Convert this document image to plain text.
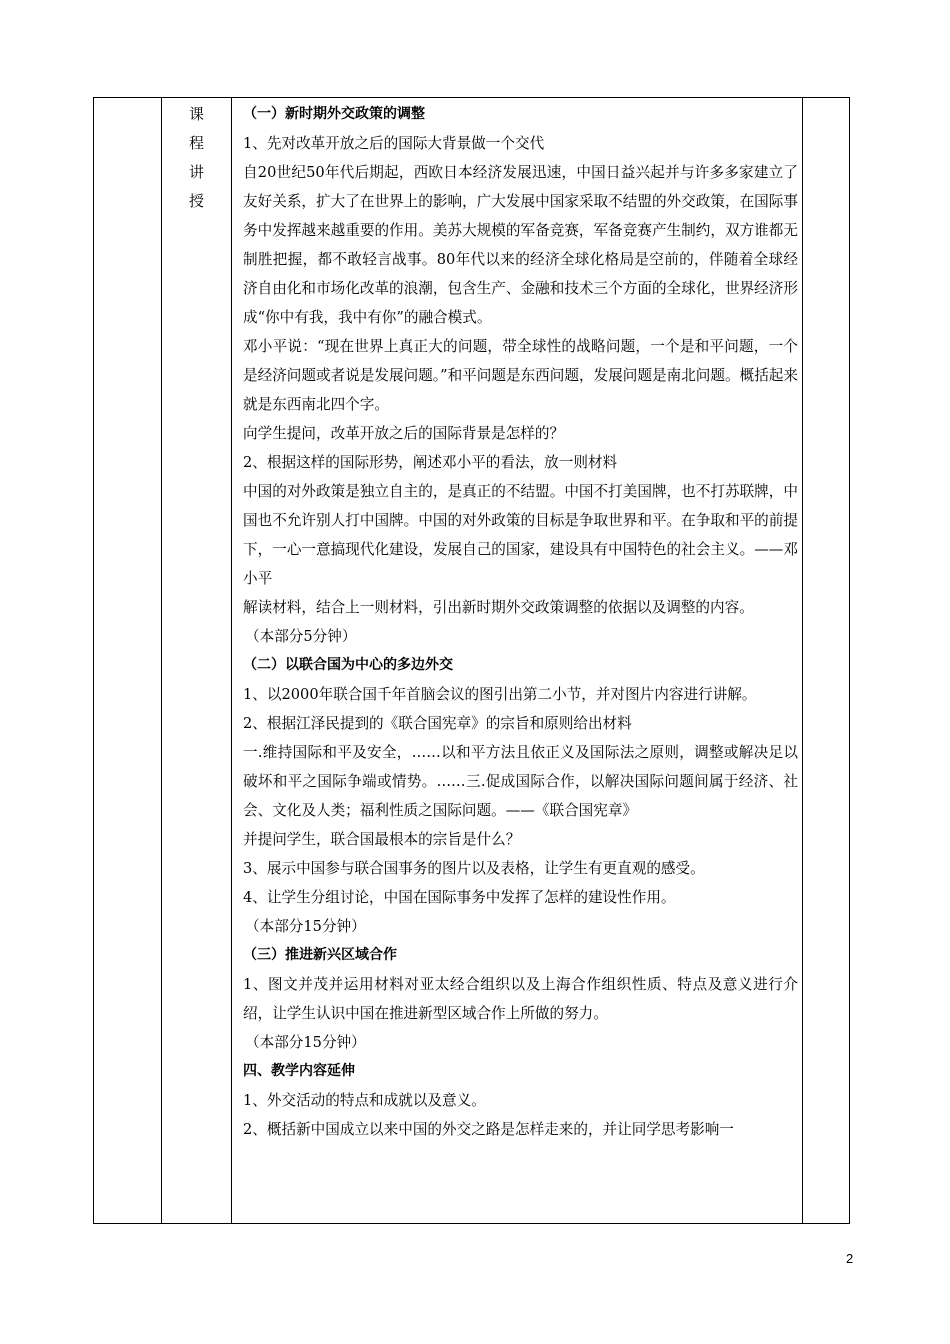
课
程
讲
授

（一）新时期外交政策的调整

1、先对改革开放之后的国际大背景做一个交代

自20世纪50年代后期起，西欧日本经济发展迅速，中国日益兴起并与许多多家建立了友好关系，扩大了在世界上的影响，广大发展中国家采取不结盟的外交政策，在国际事务中发挥越来越重要的作用。美苏大规模的军备竞赛，军备竞赛产生制约，双方谁都无制胜把握，都不敢轻言战事。80年代以来的经济全球化格局是空前的，伴随着全球经济自由化和市场化改革的浪潮，包含生产、金融和技术三个方面的全球化，世界经济形成“你中有我，我中有你”的融合模式。

邓小平说：“现在世界上真正大的问题，带全球性的战略问题，一个是和平问题，一个是经济问题或者说是发展问题。”和平问题是东西问题，发展问题是南北问题。概括起来就是东西南北四个字。

向学生提问，改革开放之后的国际背景是怎样的？

2、根据这样的国际形势，阐述邓小平的看法，放一则材料

中国的对外政策是独立自主的，是真正的不结盟。中国不打美国牌，也不打苏联牌，中国也不允许别人打中国牌。中国的对外政策的目标是争取世界和平。在争取和平的前提下，一心一意搞现代化建设，发展自己的国家，建设具有中国特色的社会主义。——邓小平

解读材料，结合上一则材料，引出新时期外交政策调整的依据以及调整的内容。

（本部分5分钟）

（二）以联合国为中心的多边外交

1、以2000年联合国千年首脑会议的图引出第二小节，并对图片内容进行讲解。

2、根据江泽民提到的《联合国宪章》的宗旨和原则给出材料

一.维持国际和平及安全，……以和平方法且依正义及国际法之原则，调整或解决足以破坏和平之国际争端或情势。……三.促成国际合作，以解决国际问题间属于经济、社会、文化及人类；福利性质之国际问题。——《联合国宪章》

并提问学生，联合国最根本的宗旨是什么？

3、展示中国参与联合国事务的图片以及表格，让学生有更直观的感受。

4、让学生分组讨论，中国在国际事务中发挥了怎样的建设性作用。

（本部分15分钟）

（三）推进新兴区域合作

1、图文并茂并运用材料对亚太经合组织以及上海合作组织性质、特点及意义进行介绍，让学生认识中国在推进新型区域合作上所做的努力。

（本部分15分钟）

四、教学内容延伸

1、外交活动的特点和成就以及意义。

2、概括新中国成立以来中国的外交之路是怎样走来的，并让同学思考影响一

2
